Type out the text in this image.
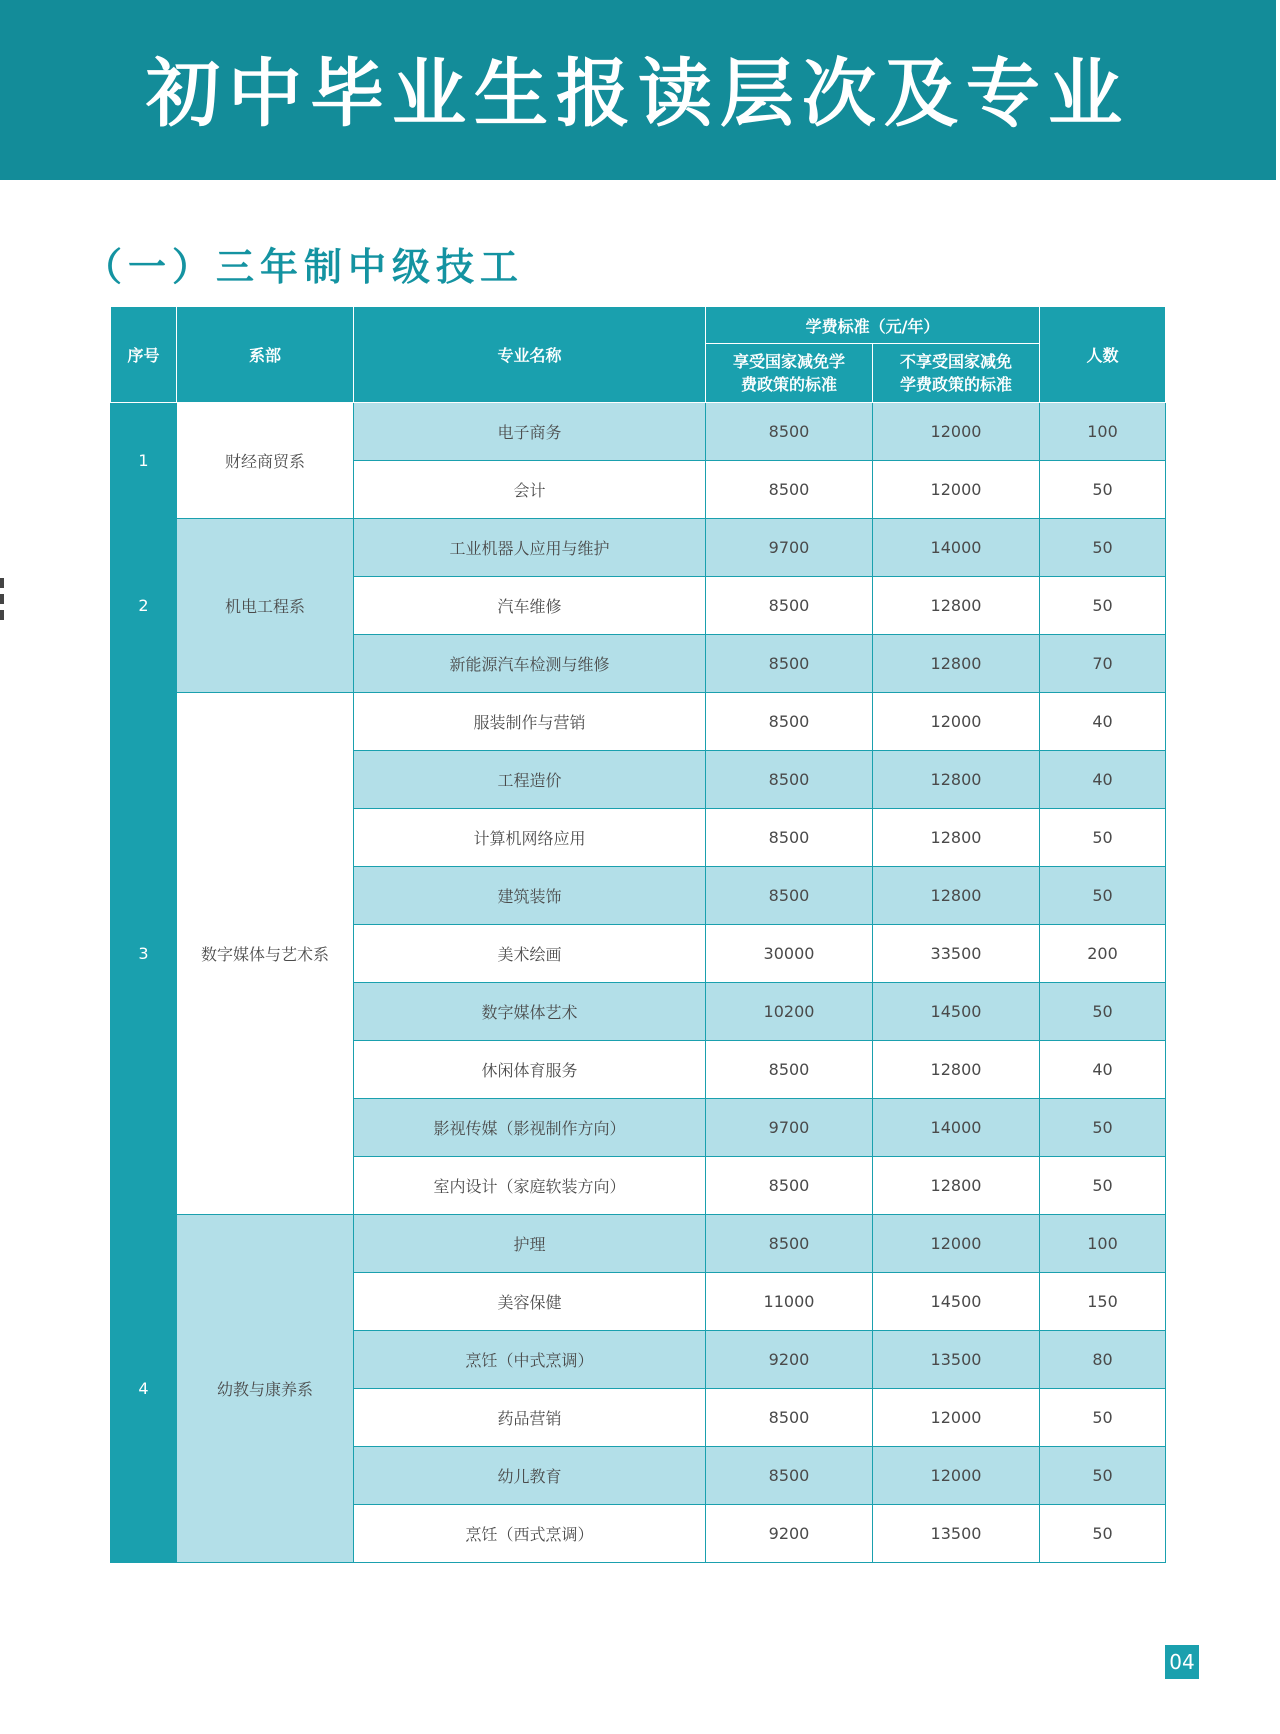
初中毕业生报读层次及专业
（一）三年制中级技工
序号	系部	专业名称	学费标准（元/年）		人数
			享受国家减免学费政策的标准	不享受国家减免学费政策的标准	
1	财经商贸系	电子商务	8500	12000	100
		会计	8500	12000	50
2	机电工程系	工业机器人应用与维护	9700	14000	50
		汽车维修	8500	12800	50
		新能源汽车检测与维修	8500	12800	70
3	数字媒体与艺术系	服装制作与营销	8500	12000	40
		工程造价	8500	12800	40
		计算机网络应用	8500	12800	50
		建筑装饰	8500	12800	50
		美术绘画	30000	33500	200
		数字媒体艺术	10200	14500	50
		休闲体育服务	8500	12800	40
		影视传媒（影视制作方向）	9700	14000	50
		室内设计（家庭软装方向）	8500	12800	50
4	幼教与康养系	护理	8500	12000	100
		美容保健	11000	14500	150
		烹饪（中式烹调）	9200	13500	80
		药品营销	8500	12000	50
		幼儿教育	8500	12000	50
		烹饪（西式烹调）	9200	13500	50
04
